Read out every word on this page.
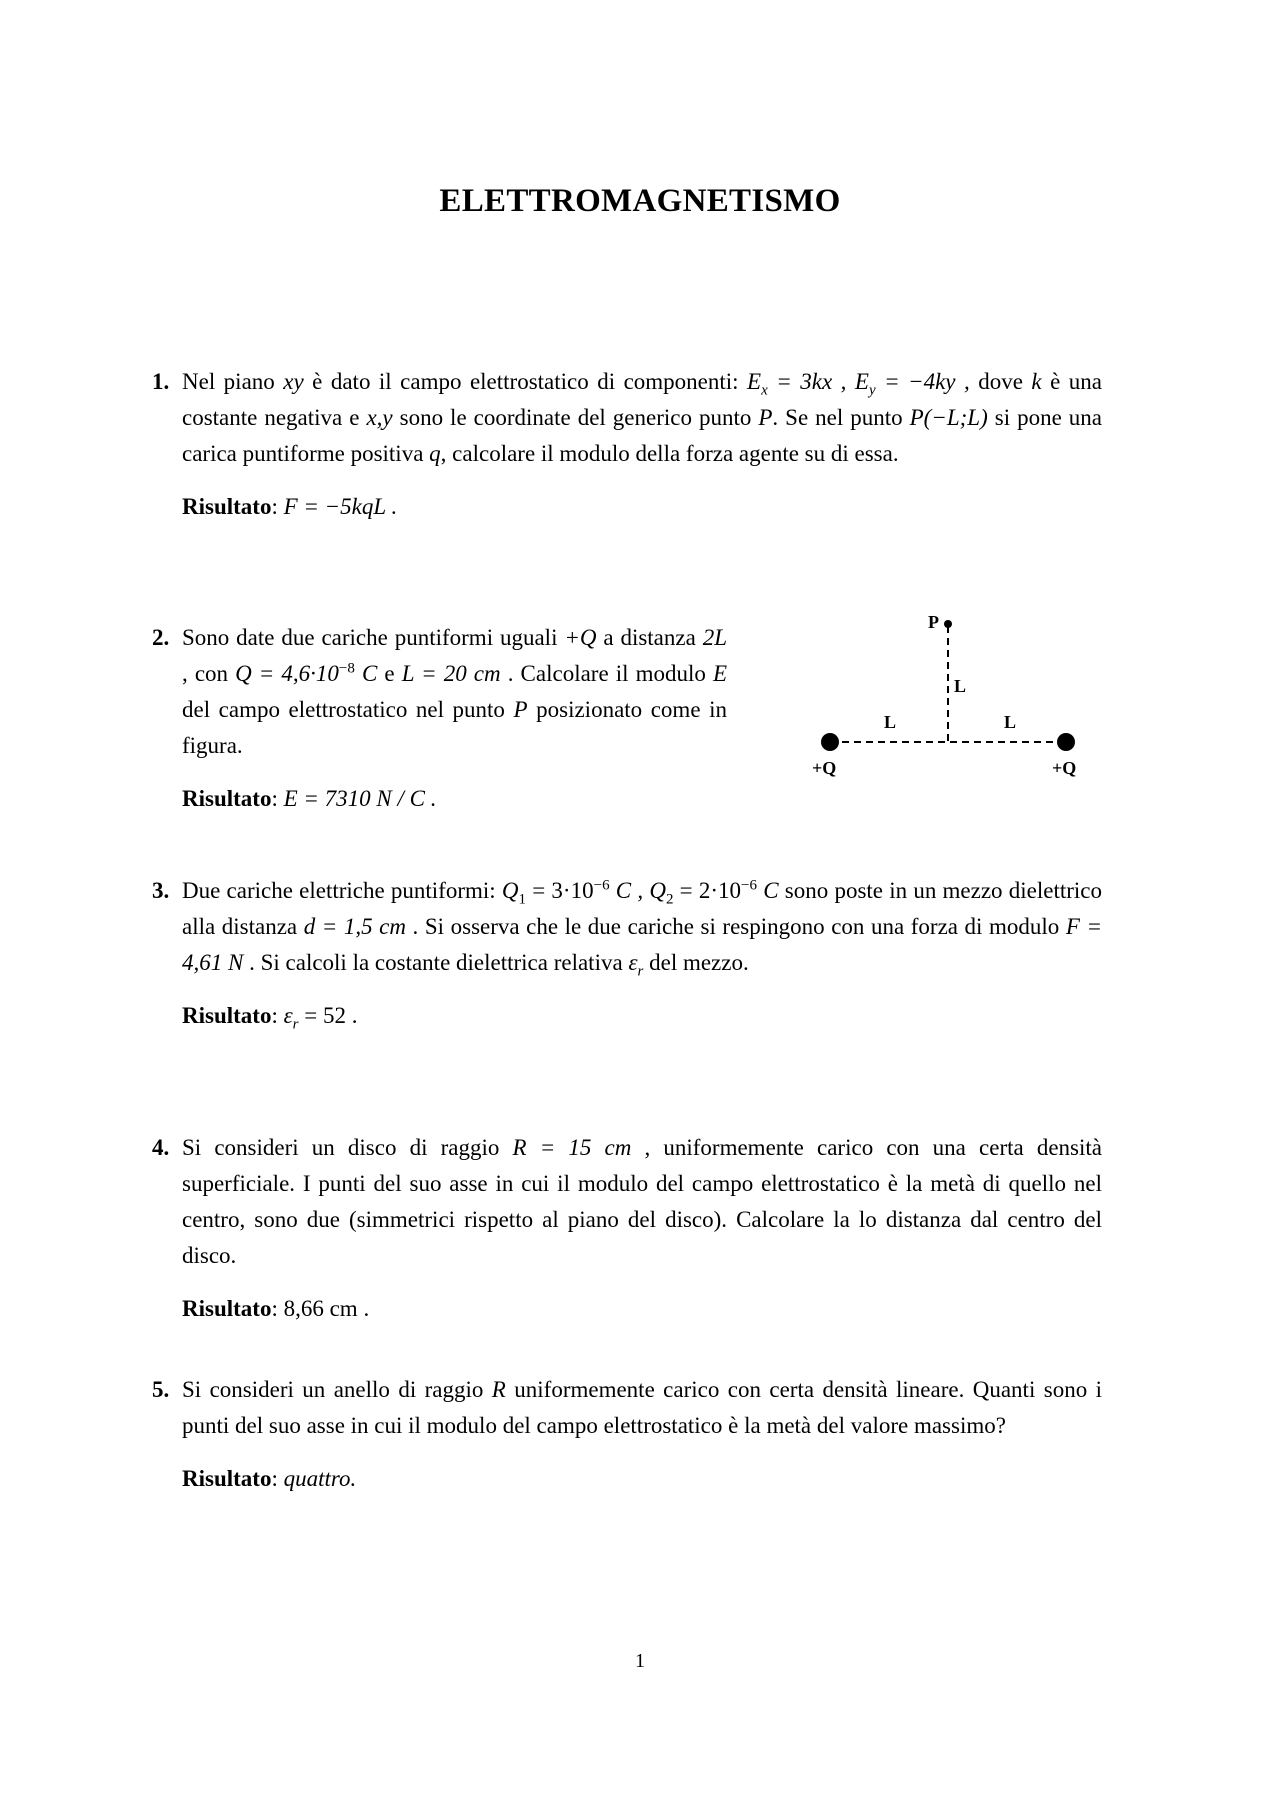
ELETTROMAGNETISMO
1. Nel piano xy è dato il campo elettrostatico di componenti: $E_x = 3kx$ , $E_y = -4ky$ , dove k è una costante negativa e x,y sono le coordinate del generico punto P. Se nel punto P(−L;L) si pone una carica puntiforme positiva q, calcolare il modulo della forza agente su di essa.

Risultato: F = −5kqL .
2. Sono date due cariche puntiformi uguali +Q a distanza 2L , con $Q = 4,6\cdot 10^{-8}$ C e L = 20 cm . Calcolare il modulo E del campo elettrostatico nel punto P posizionato come in figura.

Risultato: E = 7310 N / C .
P
L
L	L
+Q	+Q
3. Due cariche elettriche puntiformi: $Q_1 = 3\cdot 10^{-6}$ C , $Q_2 = 2\cdot 10^{-6}$ C sono poste in un mezzo dielettrico alla distanza d = 1,5 cm . Si osserva che le due cariche si respingono con una forza di modulo F = 4,61 N . Si calcoli la costante dielettrica relativa $\varepsilon_r$ del mezzo.

Risultato: $\varepsilon_r = 52$ .
4. Si consideri un disco di raggio R = 15 cm , uniformemente carico con una certa densità superficiale. I punti del suo asse in cui il modulo del campo elettrostatico è la metà di quello nel centro, sono due (simmetrici rispetto al piano del disco). Calcolare la lo distanza dal centro del disco.

Risultato: 8,66 cm .
5. Si consideri un anello di raggio R uniformemente carico con certa densità lineare. Quanti sono i punti del suo asse in cui il modulo del campo elettrostatico è la metà del valore massimo?

Risultato: quattro.
1
